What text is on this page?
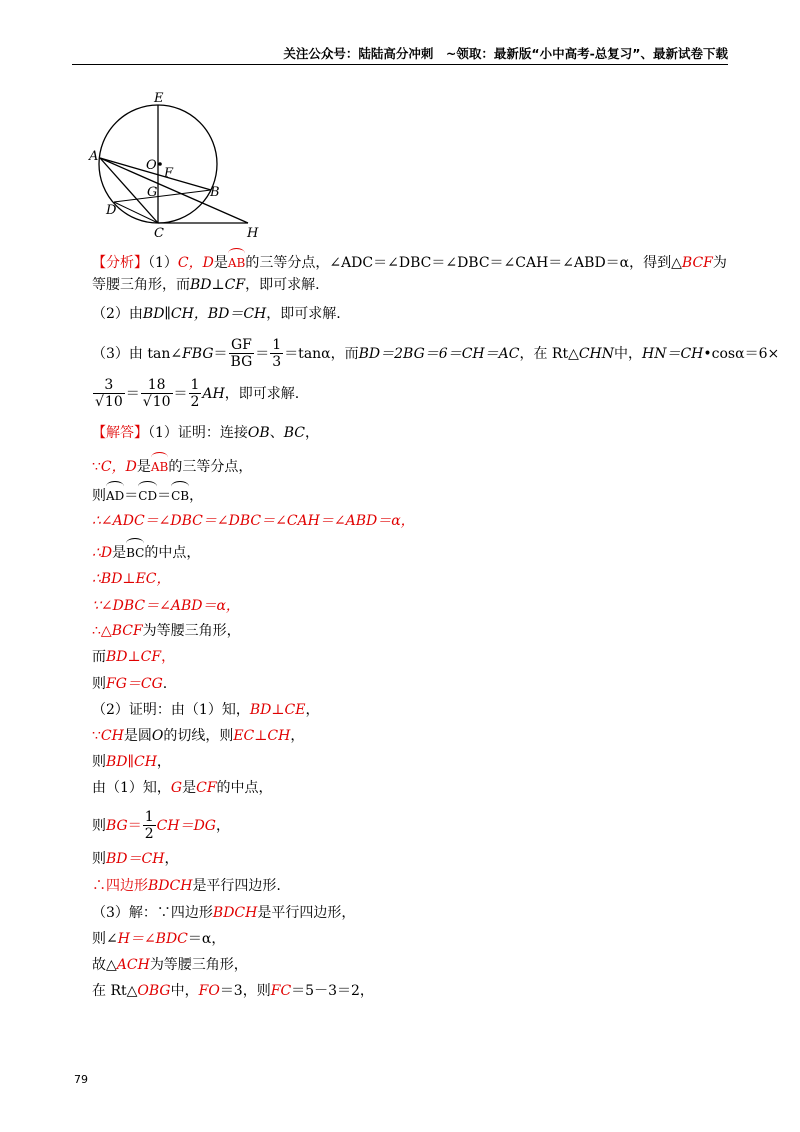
关注公众号：陆陆高分冲刺　~领取：最新版“小中高考-总复习”、最新试卷下载
E
O
A
F
G	B
D
C	H
【分析】（1）C，D是AB的三等分点，∠ADC＝∠DBC＝∠DBC＝∠CAH＝∠ABD＝α，得到△BCF为
等腰三角形，而BD⊥CF，即可求解.
（2）由BD∥CH，BD＝CH，即可求解.
（3）由 tan∠FBG＝ $\frac{GF}{BG} = \frac{1}{3} =\tan\alpha$，而BD＝2BG＝6＝CH＝AC，在 Rt△CHN中，HN＝CH•cosα＝6×
$\frac{3}{√10} = \frac{18}{√10} = \frac{1}{2}$ AH，即可求解.
【解答】（1）证明：连接OB、BC，
∵C，D是AB的三等分点，
则AD＝CD＝CB，
∴∠ADC＝∠DBC＝∠DBC＝∠CAH＝∠ABD＝α，
∴D是BC的中点，
∴BD⊥EC，
∵∠DBC＝∠ABD＝α，
∴△BCF为等腰三角形，
而BD⊥CF，
则FG＝CG.
（2）证明：由（1）知，BD⊥CE，
∵CH是圆O的切线，则EC⊥CH，
则BD∥CH，
由（1）知，G是CF的中点，
则$BG= \frac{1}{2} CH=DG$，
则BD＝CH，
∴四边形BDCH是平行四边形.
（3）解：∵四边形BDCH是平行四边形，
则∠H＝∠BDC＝α，
故△ACH为等腰三角形，
在 Rt△OBG中，FO＝3，则FC＝5－3＝2，
79
